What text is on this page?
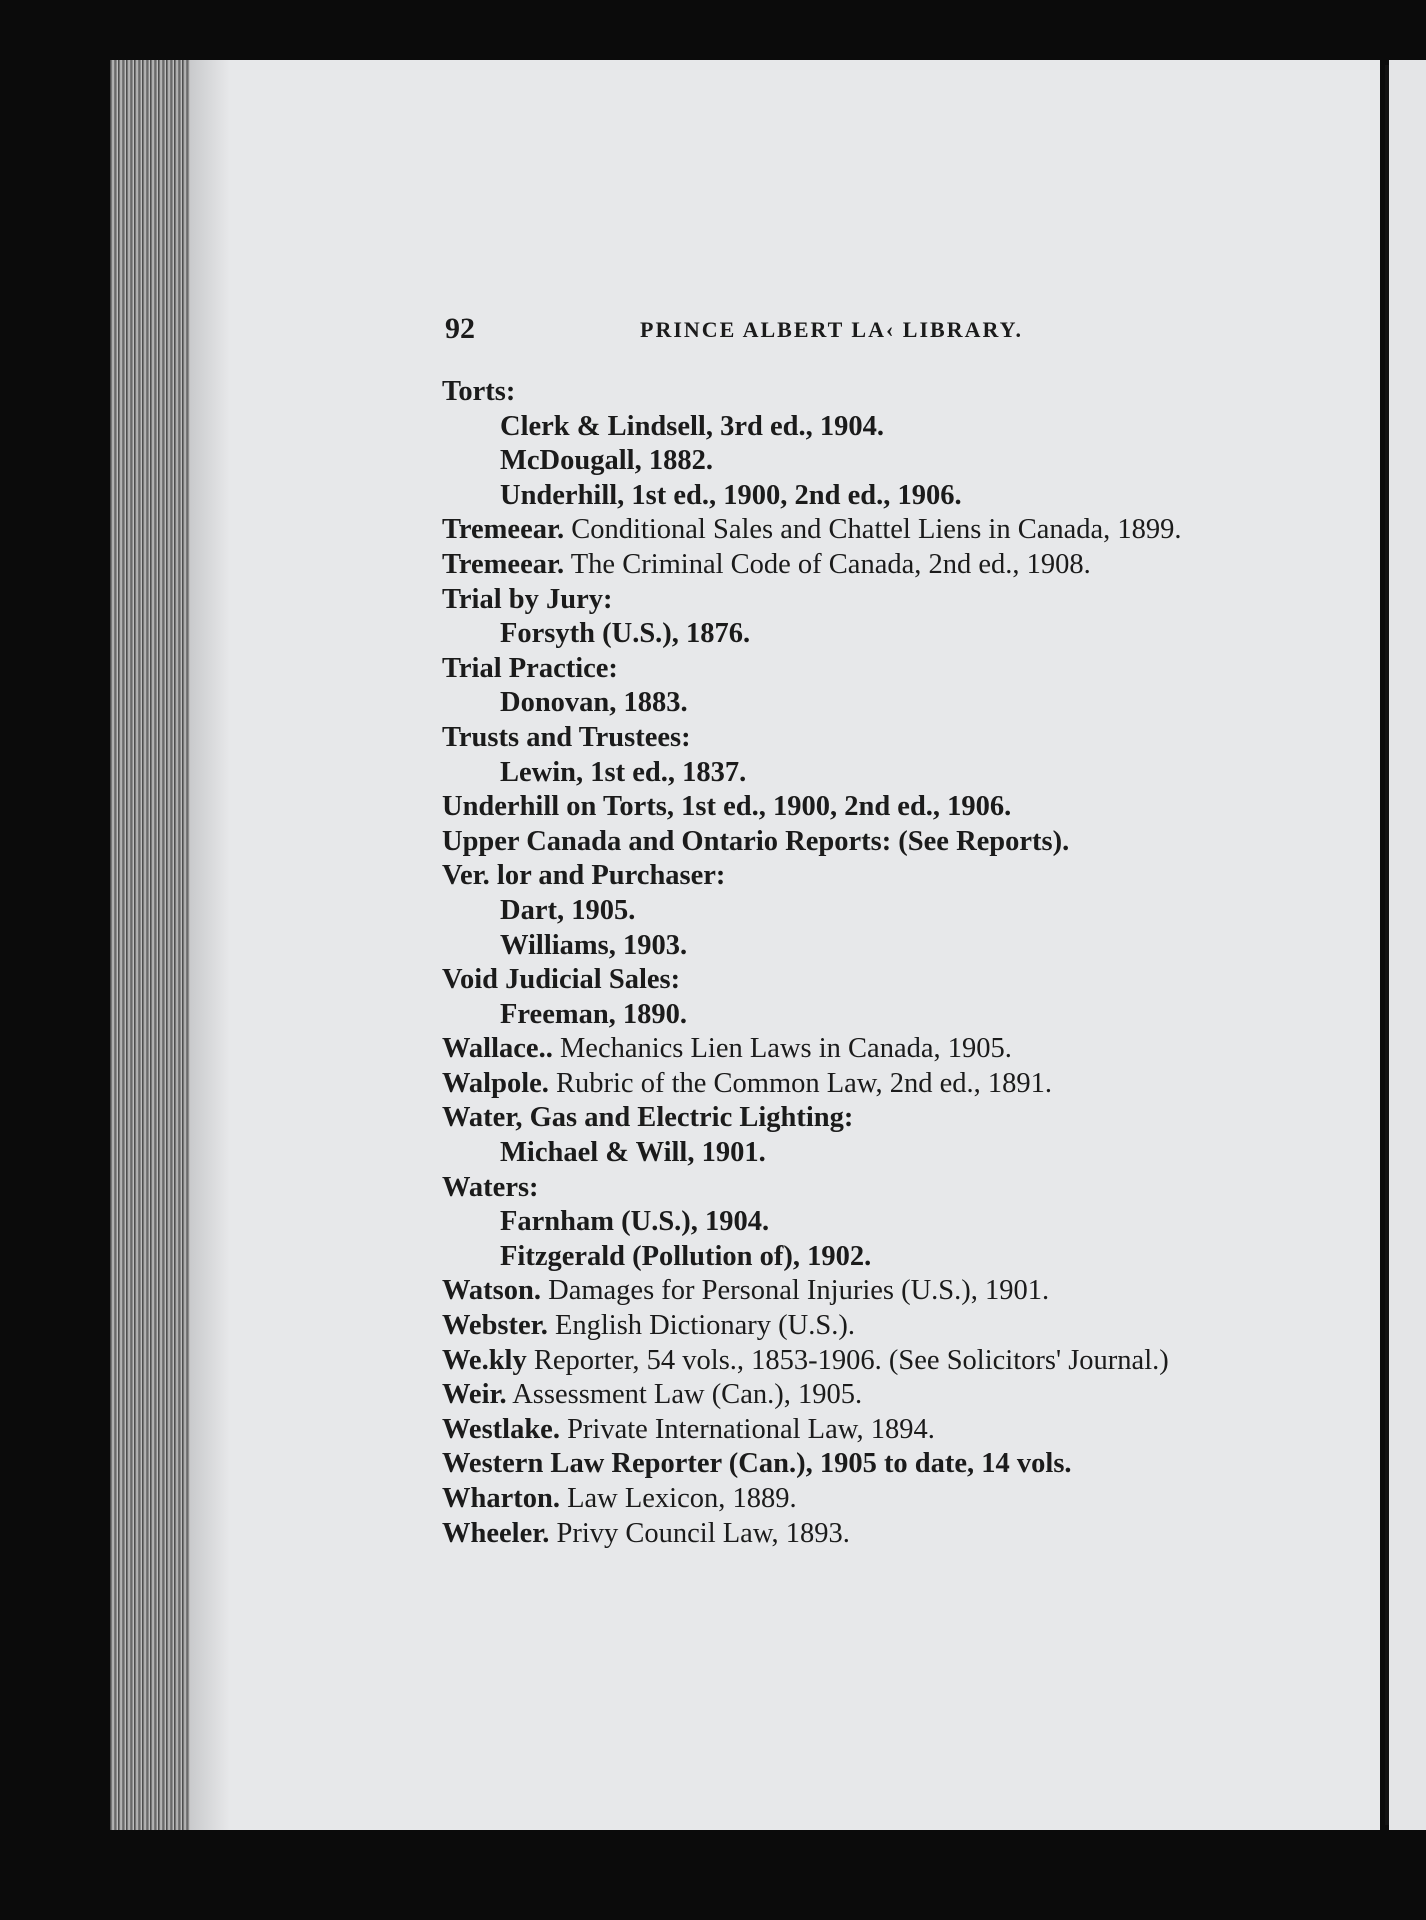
92	PRINCE ALBERT LA‹ LIBRARY.
Torts:
Clerk & Lindsell, 3rd ed., 1904.
McDougall, 1882.
Underhill, 1st ed., 1900, 2nd ed., 1906.
Tremeear. Conditional Sales and Chattel Liens in Canada, 1899.
Tremeear. The Criminal Code of Canada, 2nd ed., 1908.
Trial by Jury:
Forsyth (U.S.), 1876.
Trial Practice:
Donovan, 1883.
Trusts and Trustees:
Lewin, 1st ed., 1837.
Underhill on Torts, 1st ed., 1900, 2nd ed., 1906.
Upper Canada and Ontario Reports: (See Reports).
Ver. lor and Purchaser:
Dart, 1905.
Williams, 1903.
Void Judicial Sales:
Freeman, 1890.
Wallace.. Mechanics Lien Laws in Canada, 1905.
Walpole. Rubric of the Common Law, 2nd ed., 1891.
Water, Gas and Electric Lighting:
Michael & Will, 1901.
Waters:
Farnham (U.S.), 1904.
Fitzgerald (Pollution of), 1902.
Watson. Damages for Personal Injuries (U.S.), 1901.
Webster. English Dictionary (U.S.).
We.kly Reporter, 54 vols., 1853-1906. (See Solicitors' Journal.)
Weir. Assessment Law (Can.), 1905.
Westlake. Private International Law, 1894.
Western Law Reporter (Can.), 1905 to date, 14 vols.
Wharton. Law Lexicon, 1889.
Wheeler. Privy Council Law, 1893.
